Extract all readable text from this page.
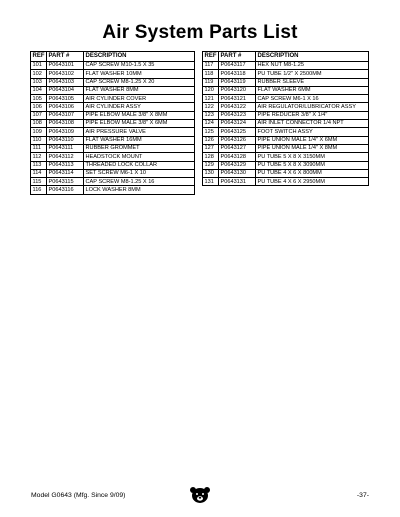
Air System Parts List
REF	PART #	DESCRIPTION
101	P0643101	CAP SCREW M10-1.5 X 35
102	P0643102	FLAT WASHER 10MM
103	P0643103	CAP SCREW M8-1.25 X 20
104	P0643104	FLAT WASHER 8MM
105	P0643105	AIR CYLINDER COVER
106	P0643106	AIR CYLINDER ASSY
107	P0643107	PIPE ELBOW MALE 3/8" X 8MM
108	P0643108	PIPE ELBOW MALE 3/8" X 6MM
109	P0643109	AIR PRESSURE VALVE
110	P0643110	FLAT WASHER 16MM
111	P0643111	RUBBER GROMMET
112	P0643112	HEADSTOCK MOUNT
113	P0643113	THREADED LOCK COLLAR
114	P0643114	SET SCREW M6-1 X 10
115	P0643115	CAP SCREW M8-1.25 X 16
116	P0643116	LOCK WASHER 8MM
REF	PART #	DESCRIPTION
117	P0643117	HEX NUT M8-1.25
118	P0643118	PU TUBE 1/2" X 2500MM
119	P0643119	RUBBER SLEEVE
120	P0643120	FLAT WASHER 6MM
121	P0643121	CAP SCREW M6-1 X 16
122	P0643122	AIR REGULATOR/LUBRICATOR ASSY
123	P0643123	PIPE REDUCER 3/8" X 1/4"
124	P0643124	AIR INLET CONNECTOR 1/4 NPT
125	P0643125	FOOT SWITCH ASSY
126	P0643126	PIPE UNION MALE 1/4" X 6MM
127	P0643127	PIPE UNION MALE 1/4" X 8MM
128	P0643128	PU TUBE 5 X 8 X 3150MM
129	P0643129	PU TUBE 5 X 8 X 3090MM
130	P0643130	PU TUBE 4 X 6 X 800MM
131	P0643131	PU TUBE 4 X 6 X 2950MM
Model G0643 (Mfg. Since 9/09)	-37-
